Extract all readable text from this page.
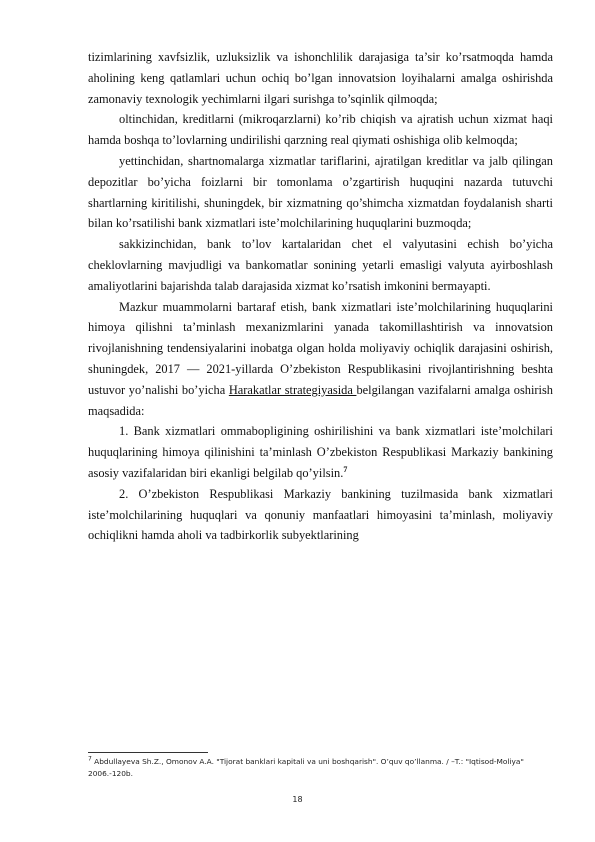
tizimlarining xavfsizlik, uzluksizlik va ishonchlilik darajasiga ta’sir ko’rsatmoqda hamda aholining keng qatlamlari uchun ochiq bo’lgan innovatsion loyihalarni amalga oshirishda zamonaviy texnologik yechimlarni ilgari surishga to’sqinlik qilmoqda;

oltinchidan, kreditlarni (mikroqarzlarni) ko’rib chiqish va ajratish uchun xizmat haqi hamda boshqa to’lovlarning undirilishi qarzning real qiymati oshishiga olib kelmoqda;

yettinchidan, shartnomalarga xizmatlar tariflarini, ajratilgan kreditlar va jalb qilingan depozitlar bo’yicha foizlarni bir tomonlama o’zgartirish huquqini nazarda tutuvchi shartlarning kiritilishi, shuningdek, bir xizmatning qo’shimcha xizmatdan foydalanish sharti bilan ko’rsatilishi bank xizmatlari iste’molchilarining huquqlarini buzmoqda;

sakkizinchidan, bank to’lov kartalaridan chet el valyutasini echish bo’yicha cheklovlarning mavjudligi va bankomatlar sonining yetarli emasligi valyuta ayirboshlash amaliyotlarini bajarishda talab darajasida xizmat ko’rsatish imkonini bermayapti.

Mazkur muammolarni bartaraf etish, bank xizmatlari iste’molchilarining huquqlarini himoya qilishni ta’minlash mexanizmlarini yanada takomillashtirish va innovatsion rivojlanishning tendensiyalarini inobatga olgan holda moliyaviy ochiqlik darajasini oshirish, shuningdek, 2017 — 2021-yillarda O’zbekiston Respublikasini rivojlantirishning beshta ustuvor yo’nalishi bo’yicha Harakatlar strategiyasida belgilangan vazifalarni amalga oshirish maqsadida:

1. Bank xizmatlari ommabopligining oshirilishini va bank xizmatlari iste’molchilari huquqlarining himoya qilinishini ta’minlash O’zbekiston Respublikasi Markaziy bankining asosiy vazifalaridan biri ekanligi belgilab qo’yilsin.$^7$

2. O’zbekiston Respublikasi Markaziy bankining tuzilmasida bank xizmatlari iste’molchilarining huquqlari va qonuniy manfaatlari himoyasini ta’minlash, moliyaviy ochiqlikni hamda aholi va tadbirkorlik subyektlarining

$^7$ Abdullayeva Sh.Z., Omonov A.A. "Tijorat banklari kapitali va uni boshqarish". O’quv qo’llanma. / –T.: "Iqtisod-Moliya" 2006.-120b.
18
